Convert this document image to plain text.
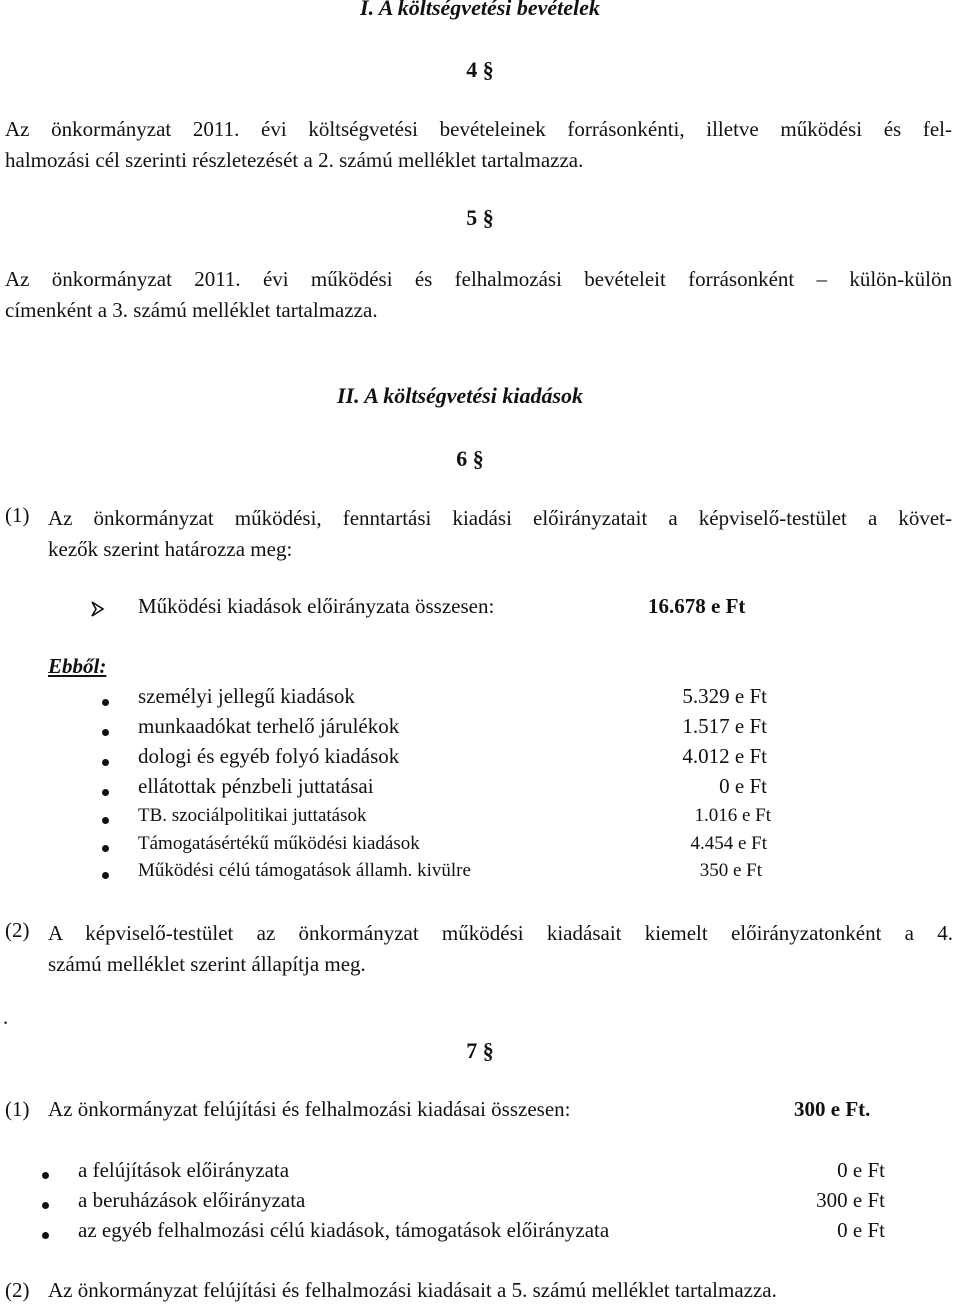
I. A költségvetési bevételek
4 §
Az önkormányzat 2011. évi költségvetési bevételeinek forrásonkénti, illetve működési és fel-
halmozási cél szerinti részletezését a 2. számú melléklet tartalmazza.
5 §
Az önkormányzat 2011. évi működési és felhalmozási bevételeit forrásonként – külön-külön
címenként a 3. számú melléklet tartalmazza.
II. A költségvetési kiadások
6 §
(1) Az önkormányzat működési, fenntartási kiadási előirányzatait a képviselő-testület a követ-
kezők szerint határozza meg:
Működési kiadások előirányzata összesen:	16.678 e Ft
Ebből:
személyi jellegű kiadások	5.329 e Ft
munkaadókat terhelő járulékok	1.517 e Ft
dologi és egyéb folyó kiadások	4.012 e Ft
ellátottak pénzbeli juttatásai	0 e Ft
TB. szociálpolitikai juttatások	1.016 e Ft
Támogatásértékű működési kiadások	4.454 e Ft
Működési célú támogatások államh. kivülre	350 e Ft
(2) A képviselő-testület az önkormányzat működési kiadásait kiemelt előirányzatonként a 4.
számú melléklet szerint állapítja meg.
.
7 §
(1) Az önkormányzat felújítási és felhalmozási kiadásai összesen:	300 e Ft.
a felújítások előirányzata	0 e Ft
a beruházások előirányzata	300 e Ft
az egyéb felhalmozási célú kiadások, támogatások előirányzata	0 e Ft
(2) Az önkormányzat felújítási és felhalmozási kiadásait a 5. számú melléklet tartalmazza.
